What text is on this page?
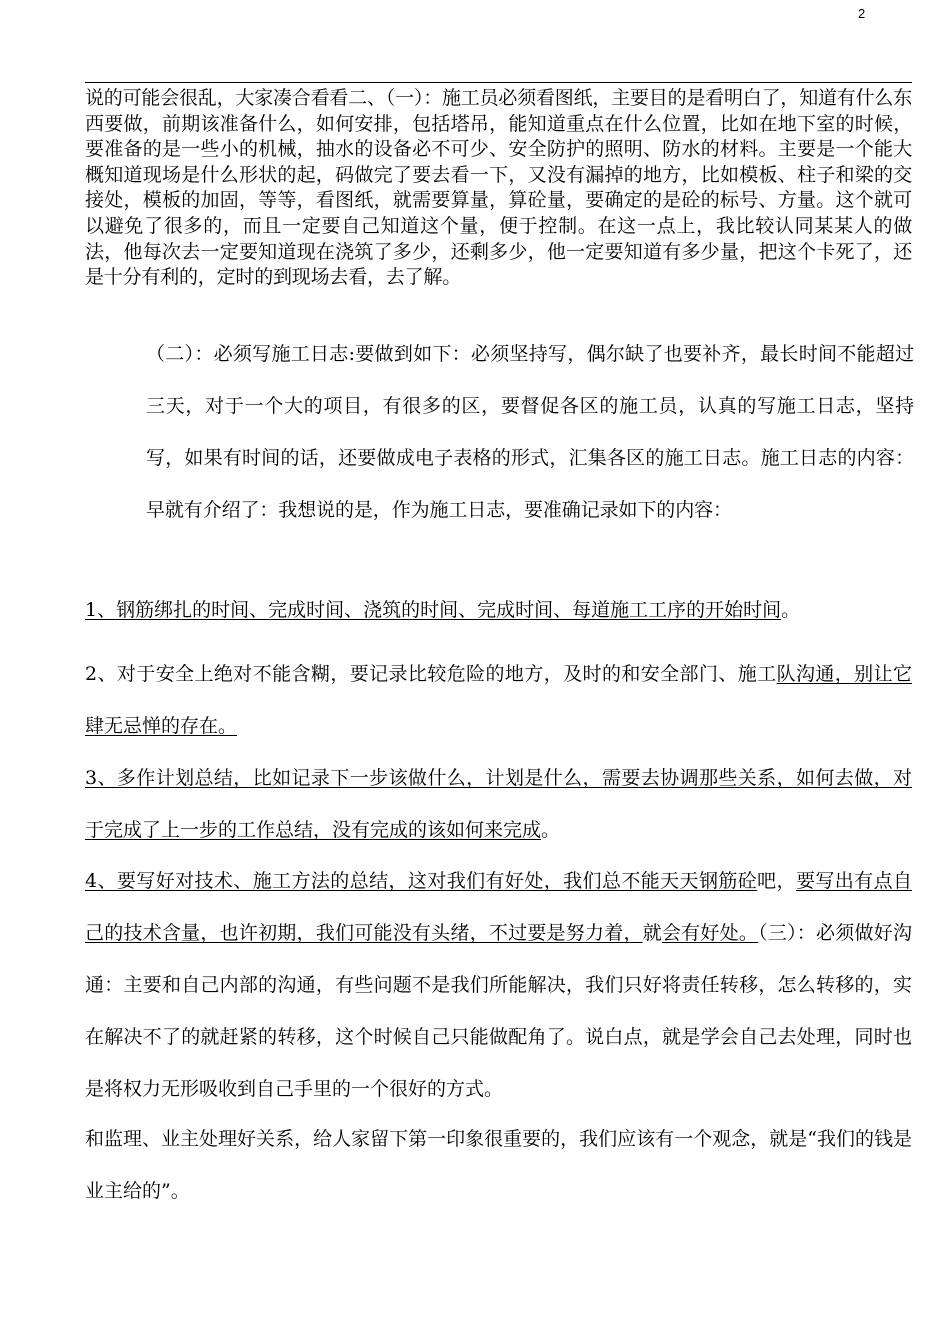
2

说的可能会很乱，大家凑合看看二、（一）：施工员必须看图纸，主要目的是看明白了，知道有什么东西要做，前期该准备什么，如何安排，包括塔吊，能知道重点在什么位置，比如在地下室的时候，要准备的是一些小的机械，抽水的设备必不可少、安全防护的照明、防水的材料。主要是一个能大概知道现场是什么形状的起，码做完了要去看一下，又没有漏掉的地方，比如模板、柱子和梁的交接处，模板的加固，等等，看图纸，就需要算量，算砼量，要确定的是砼的标号、方量。这个就可以避免了很多的，而且一定要自己知道这个量，便于控制。在这一点上，我比较认同某某人的做法，他每次去一定要知道现在浇筑了多少，还剩多少，他一定要知道有多少量，把这个卡死了，还是十分有利的，定时的到现场去看，去了解。

（二）：必须写施工日志:要做到如下：必须坚持写，偶尔缺了也要补齐，最长时间不能超过三天，对于一个大的项目，有很多的区，要督促各区的施工员，认真的写施工日志，坚持写，如果有时间的话，还要做成电子表格的形式，汇集各区的施工日志。施工日志的内容：早就有介绍了：我想说的是，作为施工日志，要准确记录如下的内容：

1、钢筋绑扎的时间、完成时间、浇筑的时间、完成时间、每道施工工序的开始时间。

2、对于安全上绝对不能含糊，要记录比较危险的地方，及时的和安全部门、施工队沟通，别让它肆无忌惮的存在。

3、多作计划总结，比如记录下一步该做什么，计划是什么，需要去协调那些关系，如何去做，对于完成了上一步的工作总结，没有完成的该如何来完成。

4、要写好对技术、施工方法的总结，这对我们有好处，我们总不能天天钢筋砼吧，要写出有点自己的技术含量，也许初期，我们可能没有头绪，不过要是努力着，就会有好处。（三）：必须做好沟通：主要和自己内部的沟通，有些问题不是我们所能解决，我们只好将责任转移，怎么转移的，实在解决不了的就赶紧的转移，这个时候自己只能做配角了。说白点，就是学会自己去处理，同时也是将权力无形吸收到自己手里的一个很好的方式。

和监理、业主处理好关系，给人家留下第一印象很重要的，我们应该有一个观念，就是“我们的钱是业主给的”。
